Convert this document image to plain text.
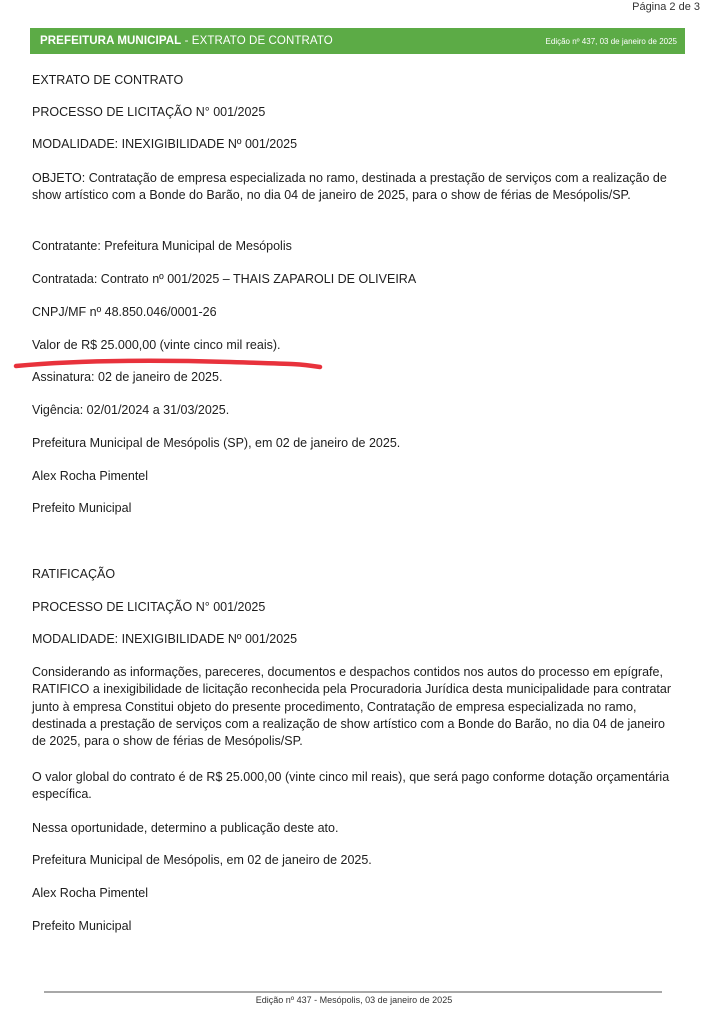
Página 2 de 3
PREFEITURA MUNICIPAL - EXTRATO DE CONTRATO	Edição nº 437, 03 de janeiro de 2025

EXTRATO DE CONTRATO

PROCESSO DE LICITAÇÃO N° 001/2025

MODALIDADE: INEXIGIBILIDADE Nº 001/2025

OBJETO: Contratação de empresa especializada no ramo, destinada a prestação de serviços com a realização de show artístico com a Bonde do Barão, no dia 04 de janeiro de 2025, para o show de férias de Mesópolis/SP.

Contratante: Prefeitura Municipal de Mesópolis

Contratada: Contrato nº 001/2025 – THAIS ZAPAROLI DE OLIVEIRA

CNPJ/MF nº 48.850.046/0001-26

Valor de R$ 25.000,00 (vinte cinco mil reais).

Assinatura: 02 de janeiro de 2025.

Vigência: 02/01/2024 a 31/03/2025.

Prefeitura Municipal de Mesópolis (SP), em 02 de janeiro de 2025.

Alex Rocha Pimentel

Prefeito Municipal

RATIFICAÇÃO

PROCESSO DE LICITAÇÃO N° 001/2025

MODALIDADE: INEXIGIBILIDADE Nº 001/2025

Considerando as informações, pareceres, documentos e despachos contidos nos autos do processo em epígrafe, RATIFICO a inexigibilidade de licitação reconhecida pela Procuradoria Jurídica desta municipalidade para contratar junto à empresa Constitui objeto do presente procedimento, Contratação de empresa especializada no ramo, destinada a prestação de serviços com a realização de show artístico com a Bonde do Barão, no dia 04 de janeiro de 2025, para o show de férias de Mesópolis/SP.

O valor global do contrato é de R$ 25.000,00 (vinte cinco mil reais), que será pago conforme dotação orçamentária específica.

Nessa oportunidade, determino a publicação deste ato.

Prefeitura Municipal de Mesópolis, em 02 de janeiro de 2025.

Alex Rocha Pimentel

Prefeito Municipal

Edição nº 437 - Mesópolis, 03 de janeiro de 2025
